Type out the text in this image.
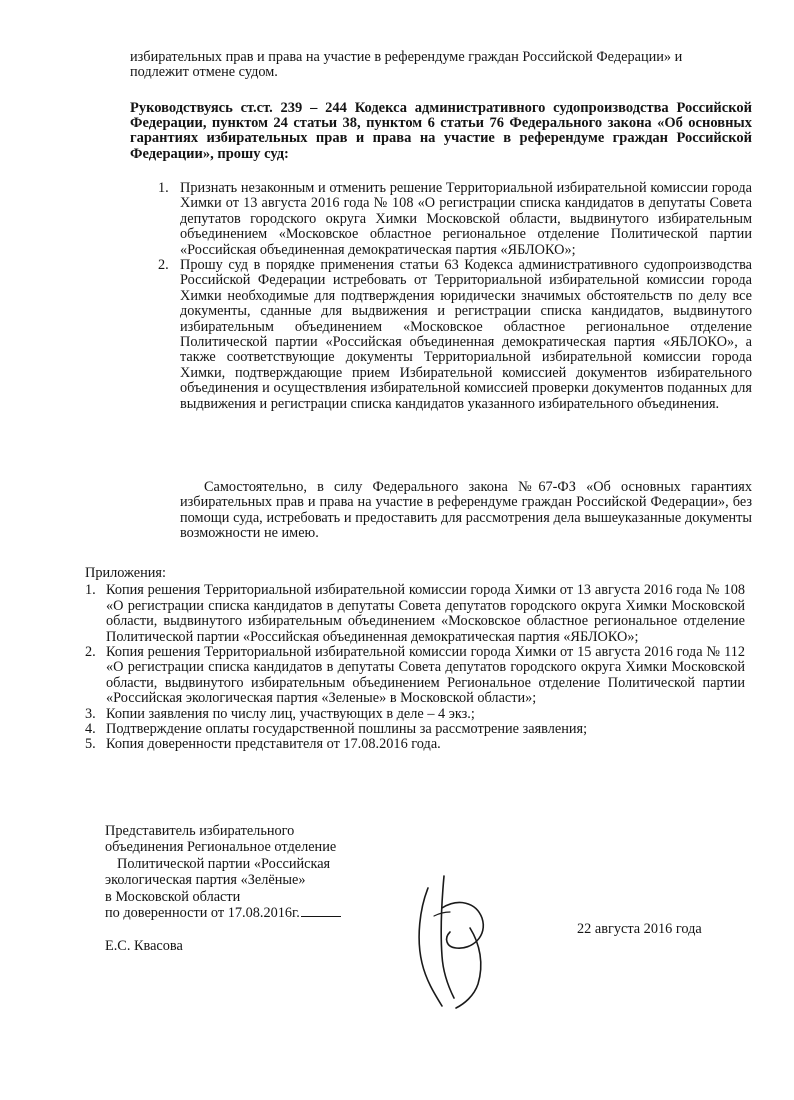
избирательных прав и права на участие в референдуме граждан Российской Федерации» и

подлежит отмене судом.

Руководствуясь ст.ст. 239 – 244 Кодекса административного судопроизводства Российской Федерации, пунктом 24 статьи 38, пунктом 6 статьи 76 Федерального закона «Об основных гарантиях избирательных прав и права на участие в референдуме граждан Российской Федерации», прошу суд:

1. Признать незаконным и отменить решение Территориальной избирательной комиссии города Химки от 13 августа 2016 года № 108 «О регистрации списка кандидатов в депутаты Совета депутатов городского округа Химки Московской области, выдвинутого избирательным объединением «Московское областное региональное отделение Политической партии «Российская объединенная демократическая партия «ЯБЛОКО»;

2. Прошу суд в порядке применения статьи 63 Кодекса административного судопроизводства Российской Федерации истребовать от Территориальной избирательной комиссии города Химки необходимые для подтверждения юридически значимых обстоятельств по делу все документы, сданные для выдвижения и регистрации списка кандидатов, выдвинутого избирательным объединением «Московское областное региональное отделение Политической партии «Российская объединенная демократическая партия «ЯБЛОКО», а также соответствующие документы Территориальной избирательной комиссии города Химки, подтверждающие прием Избирательной комиссией документов избирательного объединения и осуществления избирательной комиссией проверки документов поданных для выдвижения и регистрации списка кандидатов указанного избирательного объединения.

Самостоятельно, в силу Федерального закона №67-ФЗ «Об основных гарантиях избирательных прав и права на участие в референдуме граждан Российской Федерации», без помощи суда, истребовать и предоставить для рассмотрения дела вышеуказанные документы возможности не имею.

Приложения:

1. Копия решения Территориальной избирательной комиссии города Химки от 13 августа 2016 года № 108 «О регистрации списка кандидатов в депутаты Совета депутатов городского округа Химки Московской области, выдвинутого избирательным объединением «Московское областное региональное отделение Политической партии «Российская объединенная демократическая партия «ЯБЛОКО»;

2. Копия решения Территориальной избирательной комиссии города Химки от 15 августа 2016 года № 112 «О регистрации списка кандидатов в депутаты Совета депутатов городского округа Химки Московской области, выдвинутого избирательным объединением Региональное отделение Политической партии «Российская экологическая партия «Зеленые» в Московской области»;

3. Копии заявления по числу лиц, участвующих в деле – 4 экз.;

4. Подтверждение оплаты государственной пошлины за рассмотрение заявления;

5. Копия доверенности представителя от 17.08.2016 года.

Представитель избирательного

объединения Региональное отделение

Политической партии «Российская

экологическая партия «Зелёные»

в Московской области

по доверенности от 17.08.2016г.

22 августа 2016 года
Е.С. Квасова
